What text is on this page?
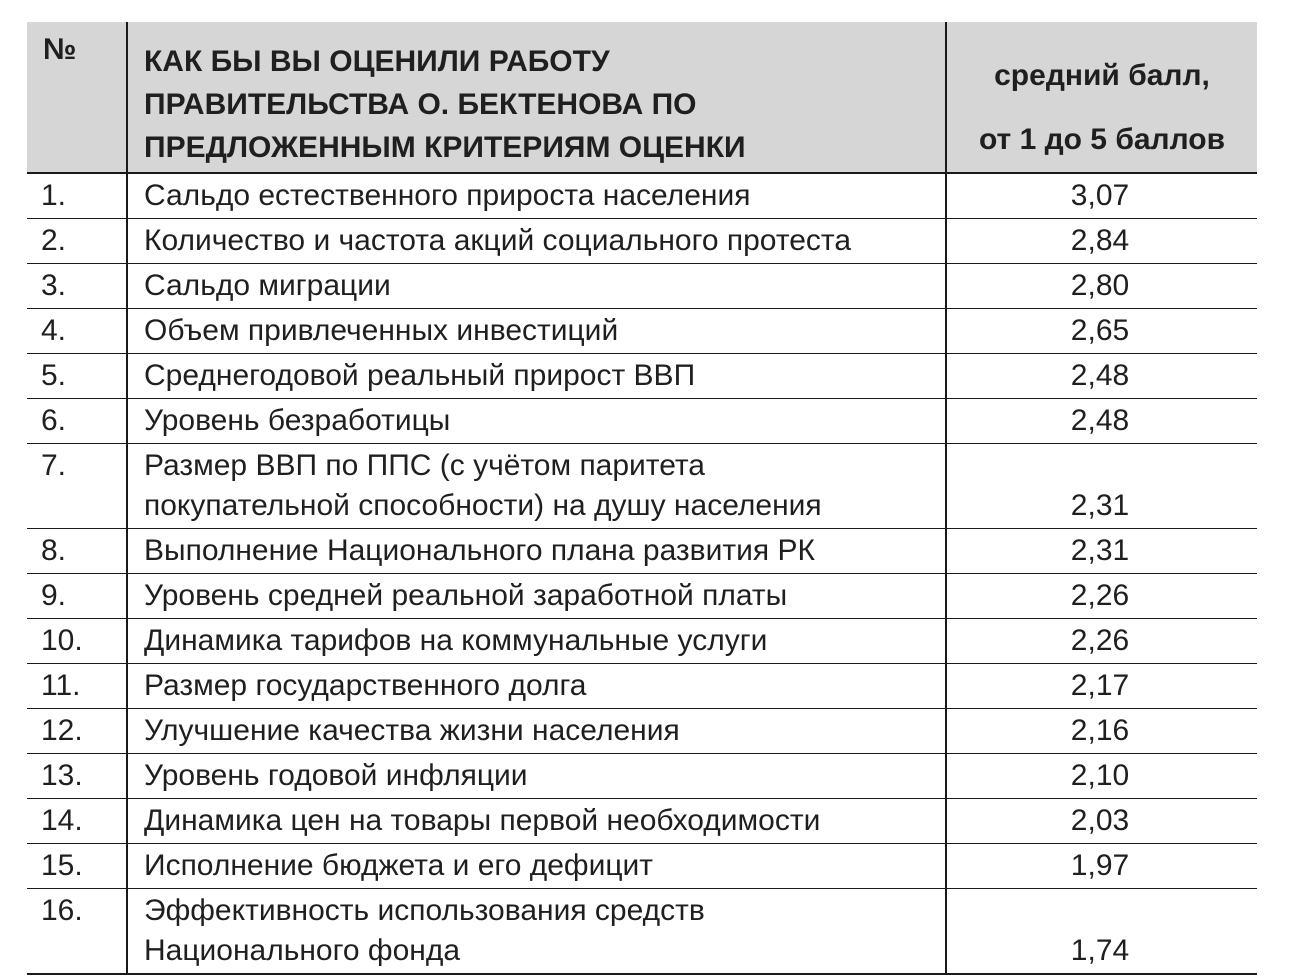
№	КАК БЫ ВЫ ОЦЕНИЛИ РАБОТУ
ПРАВИТЕЛЬСТВА О. БЕКТЕНОВА ПО
ПРЕДЛОЖЕННЫМ КРИТЕРИЯМ ОЦЕНКИ	средний балл,
от 1 до 5 баллов

1.	Сальдо естественного прироста населения	3,07
2.	Количество и частота акций социального протеста	2,84
3.	Сальдо миграции	2,80
4.	Объем привлеченных инвестиций	2,65
5.	Среднегодовой реальный прирост ВВП	2,48
6.	Уровень безработицы	2,48
7.	Размер ВВП по ППС (с учётом паритета
покупательной способности) на душу населения	2,31
8.	Выполнение Национального плана развития РК	2,31
9.	Уровень средней реальной заработной платы	2,26
10.	Динамика тарифов на коммунальные услуги	2,26
11.	Размер государственного долга	2,17
12.	Улучшение качества жизни населения	2,16
13.	Уровень годовой инфляции	2,10
14.	Динамика цен на товары первой необходимости	2,03
15.	Исполнение бюджета и его дефицит	1,97
16.	Эффективность использования средств
Национального фонда	1,74
